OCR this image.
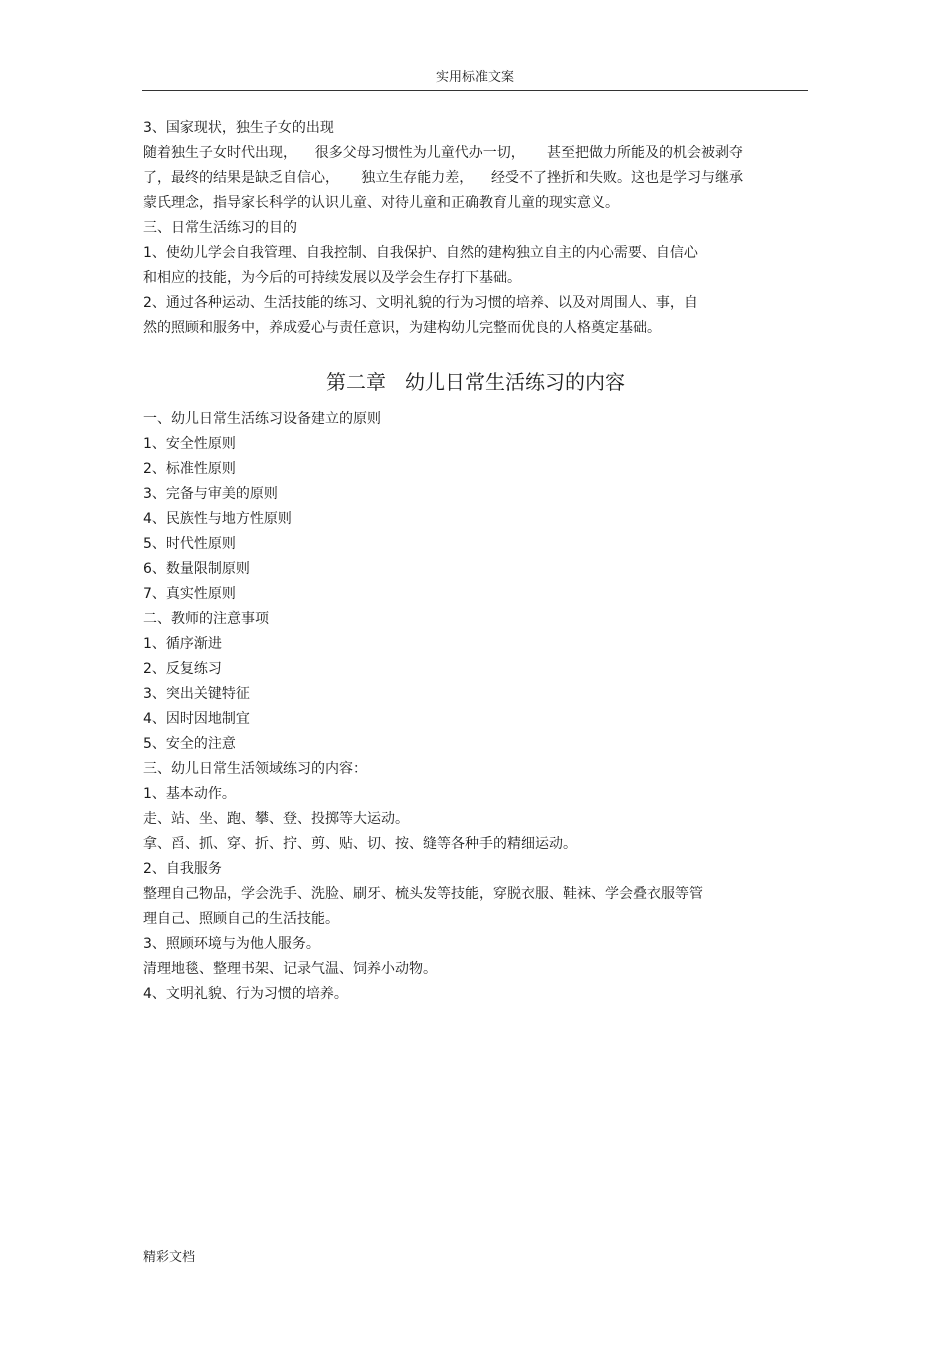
实用标准文案

3、国家现状，独生子女的出现

随着独生子女时代出现，    很多父母习惯性为儿童代办一切，     甚至把做力所能及的机会被剥夺

了，最终的结果是缺乏自信心，     独立生存能力差，    经受不了挫折和失败。这也是学习与继承

蒙氏理念，指导家长科学的认识儿童、对待儿童和正确教育儿童的现实意义。

三、日常生活练习的目的

1、使幼儿学会自我管理、自我控制、自我保护、自然的建构独立自主的内心需要、自信心

和相应的技能，为今后的可持续发展以及学会生存打下基础。

2、通过各种运动、生活技能的练习、文明礼貌的行为习惯的培养、以及对周围人、事，自

然的照顾和服务中，养成爱心与责任意识，为建构幼儿完整而优良的人格奠定基础。

第二章   幼儿日常生活练习的内容

一、幼儿日常生活练习设备建立的原则

1、安全性原则

2、标准性原则

3、完备与审美的原则

4、民族性与地方性原则

5、时代性原则

6、数量限制原则

7、真实性原则

二、教师的注意事项

1、循序渐进

2、反复练习

3、突出关键特征

4、因时因地制宜

5、安全的注意

三、幼儿日常生活领域练习的内容：

1、基本动作。

走、站、坐、跑、攀、登、投掷等大运动。

拿、舀、抓、穿、折、拧、剪、贴、切、按、缝等各种手的精细运动。

2、自我服务

整理自己物品，学会洗手、洗脸、刷牙、梳头发等技能，穿脱衣服、鞋袜、学会叠衣服等管

理自己、照顾自己的生活技能。

3、照顾环境与为他人服务。

清理地毯、整理书架、记录气温、饲养小动物。

4、文明礼貌、行为习惯的培养。

精彩文档
